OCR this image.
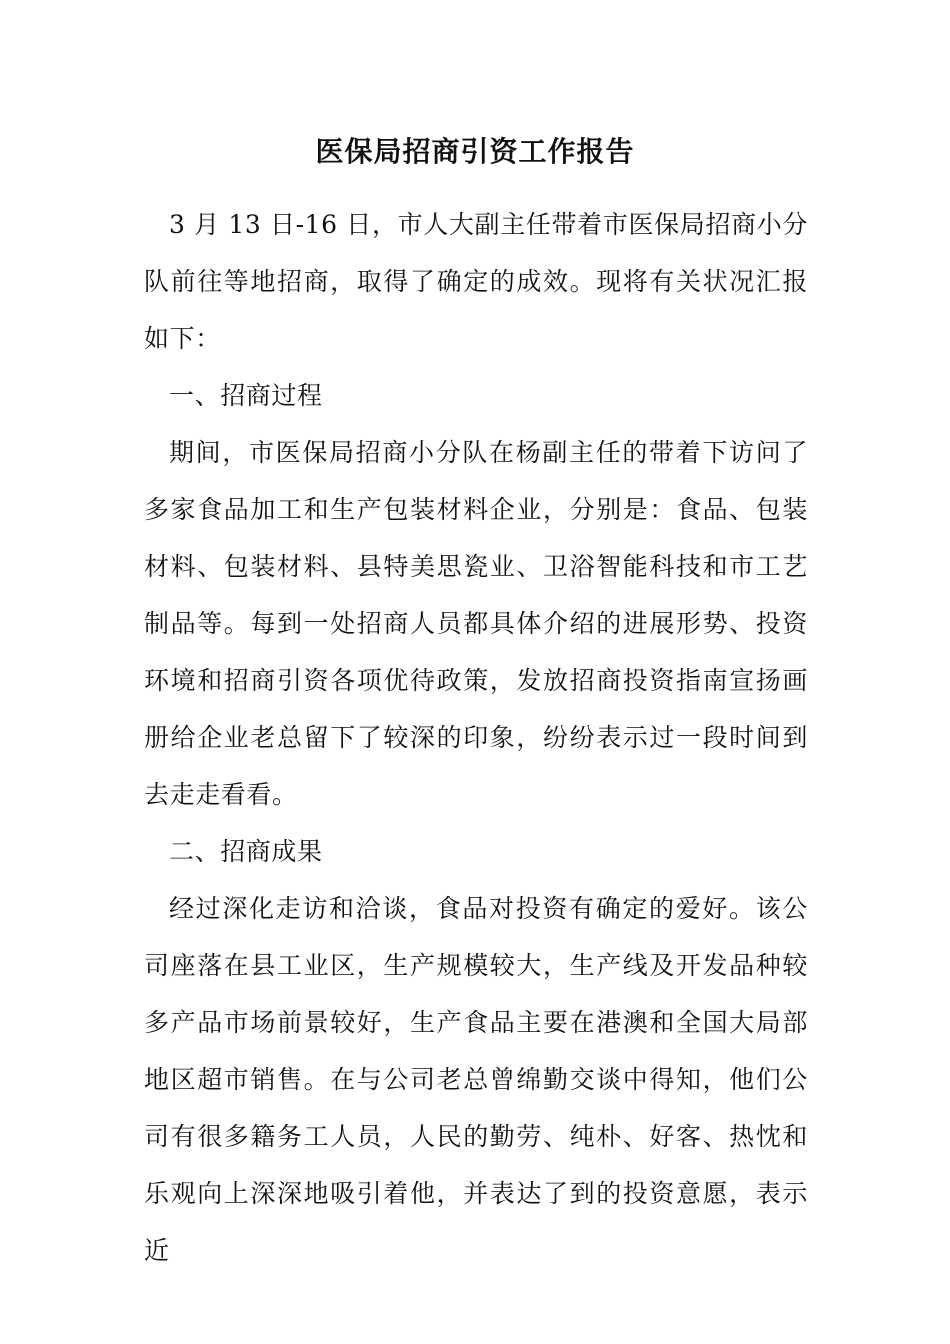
医保局招商引资工作报告

3 月 13 日-16 日，市人大副主任带着市医保局招商小分队前往等地招商，取得了确定的成效。现将有关状况汇报如下：

一、招商过程

期间，市医保局招商小分队在杨副主任的带着下访问了多家食品加工和生产包装材料企业，分别是：食品、包装材料、包装材料、县特美思瓷业、卫浴智能科技和市工艺制品等。每到一处招商人员都具体介绍的进展形势、投资环境和招商引资各项优待政策，发放招商投资指南宣扬画册给企业老总留下了较深的印象，纷纷表示过一段时间到去走走看看。

二、招商成果

经过深化走访和洽谈，食品对投资有确定的爱好。该公司座落在县工业区，生产规模较大，生产线及开发品种较多产品市场前景较好，生产食品主要在港澳和全国大局部地区超市销售。在与公司老总曾绵勤交谈中得知，他们公司有很多籍务工人员，人民的勤劳、纯朴、好客、热忱和乐观向上深深地吸引着他，并表达了到的投资意愿，表示近
